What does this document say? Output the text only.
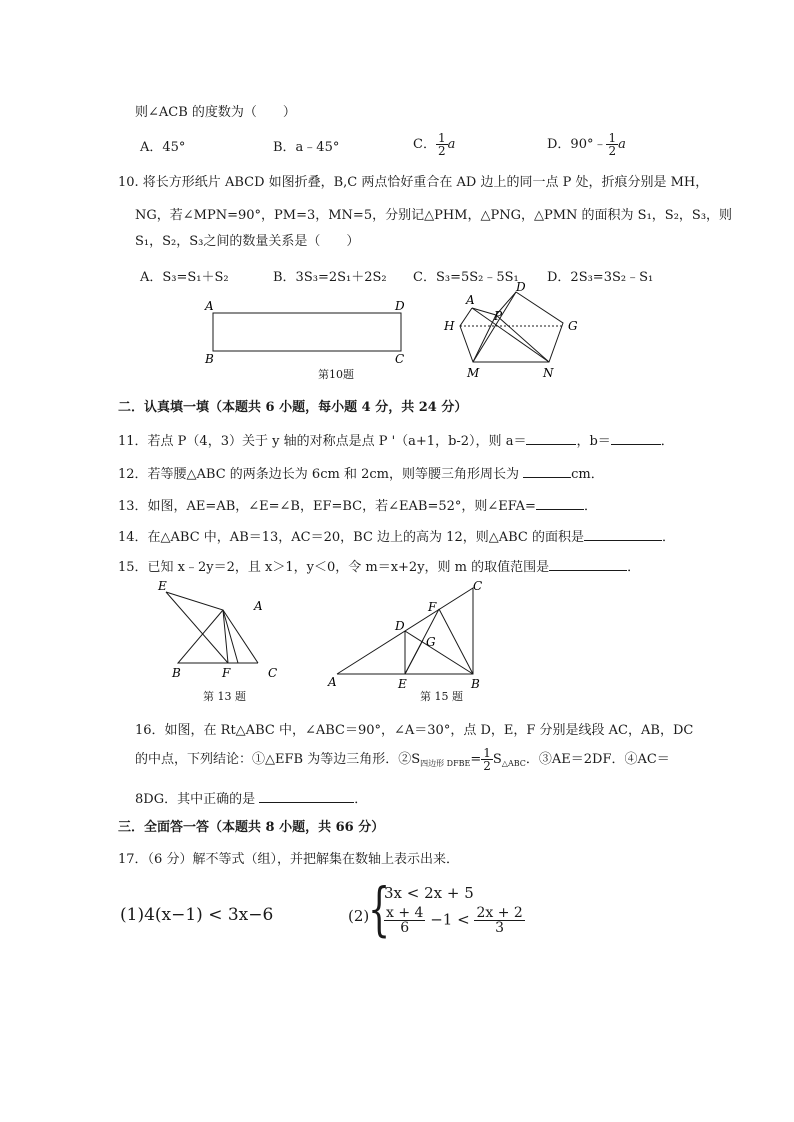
则∠ACB 的度数为（　　）
A．45°	B．a﹣45°	C． $\frac{1}{2}$ a	D．90°﹣ $\frac{1}{2}$ a
10. 将长方形纸片 ABCD 如图折叠，B,C 两点恰好重合在 AD 边上的同一点 P 处，折痕分别是 MH，
NG，若∠MPN=90°，PM=3，MN=5，分别记△PHM，△PNG，△PMN 的面积为 S₁，S₂，S₃，则
S₁，S₂，S₃之间的数量关系是（　　）
A．S₃=S₁＋S₂	B．3S₃=2S₁＋2S₂ C．S₃=5S₂﹣5S₁ D．2S₃=3S₂﹣S₁
A	D
B	C
D
A
H
P
G
M	N
第10题
二．认真填一填（本题共 6 小题，每小题 4 分，共 24 分）
11．若点 P（4，3）关于 y 轴的对称点是点 P '（a+1，b-2），则 a＝	，b＝	．
12．若等腰△ABC 的两条边长为 6cm 和 2cm，则等腰三角形周长为	cm．
13．如图，AE=AB，∠E=∠B，EF=BC，若∠EAB=52°，则∠EFA=	．
14．在△ABC 中，AB＝13，AC＝20，BC 边上的高为 12，则△ABC 的面积是	．
15．已知 x﹣2y＝2，且 x＞1，y＜0，令 m＝x+2y，则 m 的取值范围是	．
E
A
B	F	C
第 13 题
C
F
D
G
A	E	B
第 15 题
16．如图，在 Rt△ABC 中，∠ABC＝90°，∠A＝30°，点 D，E，F 分别是线段 AC，AB，DC
的中点，下列结论：①△EFB 为等边三角形．$②S_{四边形 DFBE}= \frac{1}{2} S_{\triangle ABC}$．③AE＝2DF．④AC＝
8DG．其中正确的是	．
三．全面答一答（本题共 8 小题，共 66 分）
17．（6 分）解不等式（组），并把解集在数轴上表示出来．
(1)4(x−1) < 3x−6	(2)
{
3x < 2x + 5
$\frac{x + 4}{6} -1 < \frac{2x + 2}{3}$
